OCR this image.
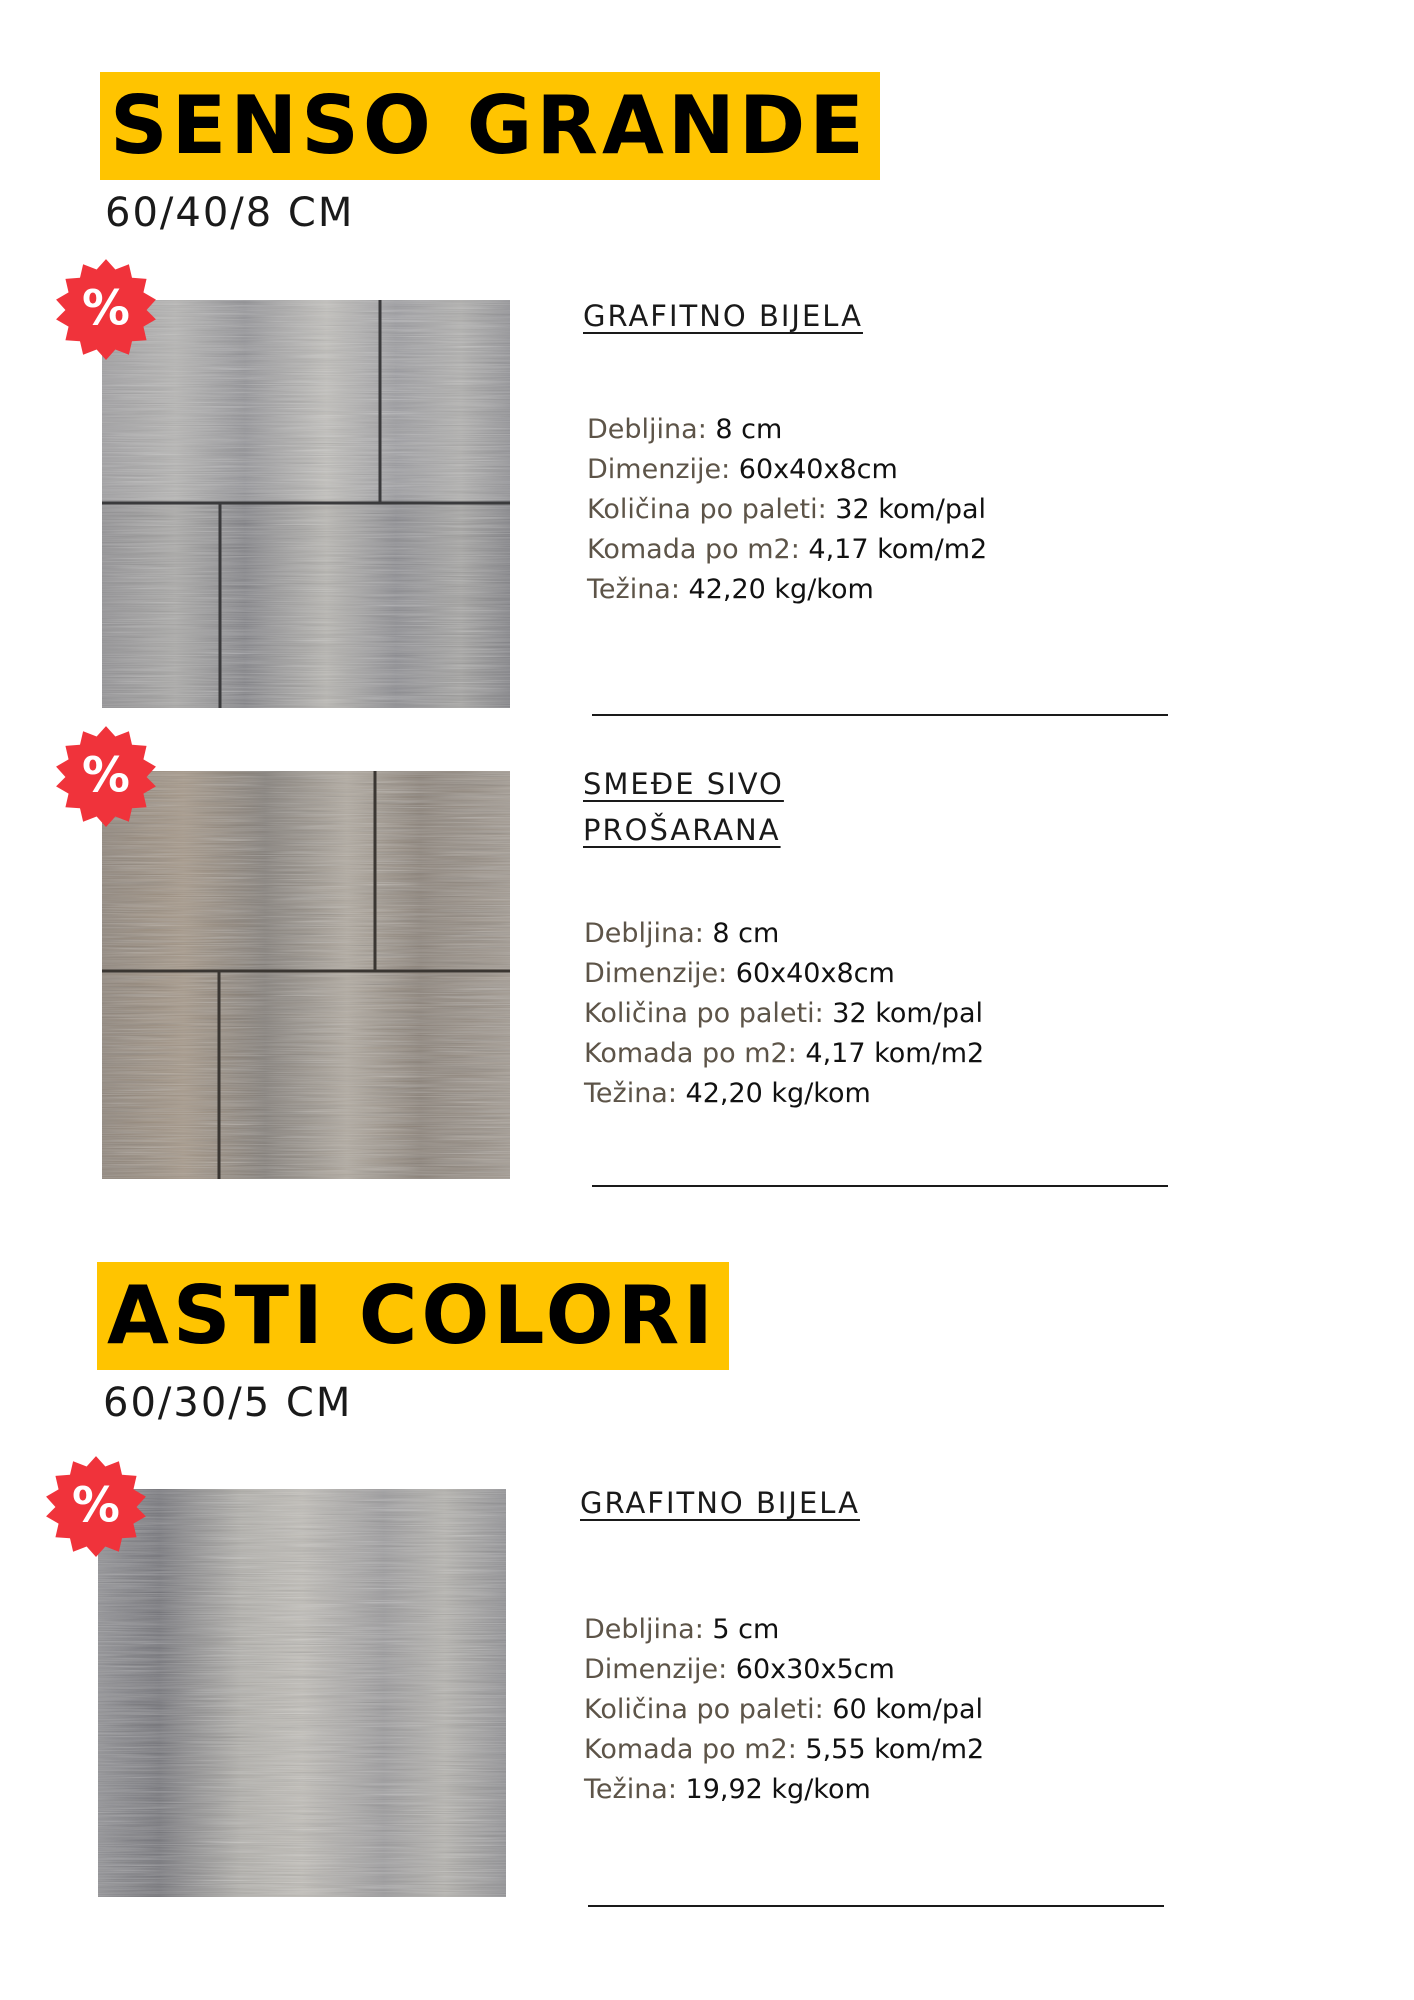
SENSO GRANDE
60/40/8 CM
%	GRAFITNO BIJELA
Debljina: 8 cm
Dimenzije: 60x40x8cm
Količina po paleti: 32 kom/pal
Komada po m2: 4,17 kom/m2
Težina: 42,20 kg/kom
%	SMEĐE SIVO PROŠARANA
Debljina: 8 cm
Dimenzije: 60x40x8cm
Količina po paleti: 32 kom/pal
Komada po m2: 4,17 kom/m2
Težina: 42,20 kg/kom
ASTI COLORI
60/30/5 CM
%	GRAFITNO BIJELA
Debljina: 5 cm
Dimenzije: 60x30x5cm
Količina po paleti: 60 kom/pal
Komada po m2: 5,55 kom/m2
Težina: 19,92 kg/kom
